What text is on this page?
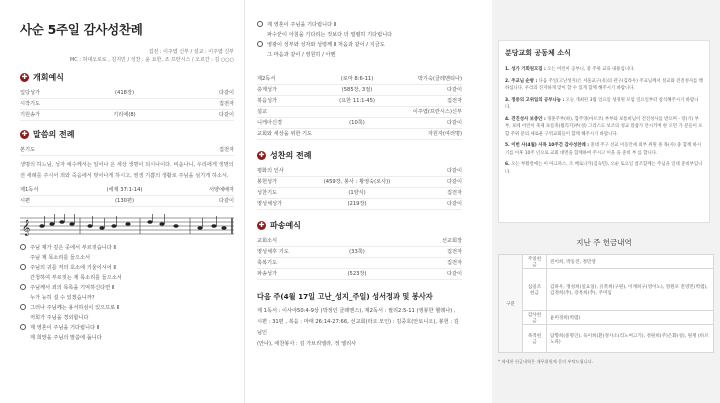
사순 5주일 감사성찬례
집전 : 이주엽 신부 / 설교 : 이주엽 신부
MC : 허대오로로 , 김지민 / 성찬 : 윤 요한, 조 프란시스 / 오르간 : 김 ○○○
✚ 개회예식
입당성가	(418장)	다같이
시작기도	집전자
기원송가	기리에(8)	다같이
✚ 말씀의 전례
본기도	집전자
생명의 하느님, 성자 예수께서는 일어나 온 세상 생명이 되시나이다. 비옵나니, 우리에게 생명의 전 세례를 주시어 죄와 죽음에서 벗어나게 하시고, 영생 기쁨의 생활로 주님을 섬기게 하소서.
제1독서	(에제 37:1-14)	서양예배자
시편	(130편)	다같이
𝄞
주님 제가 깊은 곳에서 부르짖습니다 Ⅱ
주님 제 목소리를 들으소서
주님의 귀를 저의 호소에 기울이시어 Ⅱ
간청하여 부르짖는 제 목소리를 들으소서
주님께서 죄의 목록을 기억하신다면 Ⅱ
누가 능히 설 수 있겠습니까?
그러나 주님께는 용서하심이 있으므로 Ⅱ
저희가 주님을 경외합니다
제 영혼이 주님을 기다립니다 Ⅱ
제 희망을 주님의 말씀에 둡니다
제 영혼이 주님을 기다립니다 Ⅱ
파수꾼이 아침을 기다리는 것보다 더 열렬히 기다립니다
영광이 성부와 성자와 성령께 Ⅱ 처음과 같이 / 지금도
그 마음과 같이 / 영원히 / 아멘
제2독서	(로마 8:6-11)	박기숙(클레멘티나)
층계성가	(585장, 3절)	다같이
복음성가	(요한 11:1-45)	집전자
설교	이주엽(프란시스)신부
니케아신경	(10쪽)	다같이
교회와 세상을 위한 기도	자원자(여러명)
✚ 성찬의 전례
평화의 인사	다같이
봉헌성가	(459장, 봉사 : 황영숙(로사))	다같이
성찬기도	(1양식)	집전자
영성체성가	(219장)	다같이
✚ 파송예식
교회소식	선교회장
영성체후 기도	(33쪽)	집전자
축복기도	집전자
파송성가	(523장)	다같이
다음 주(4월 17일 고난_성지_주일) 성서정과 및 봉사자
제 1독서 : 이사야50:4-9상 (박정인 클레멘스), 제2독서 : 필리2:5-11 (앵봉한 헬레나) ,
시편 : 31편 , 복음 : 마태 26:14-27:66, 선교회(라오 모인) : 김중호(안토니오), 봉헌 : 김 님인
(안나), 애찬봉사 : 김 가브리엘라, 정 엘리사
분당교회 공동체 소식
1. 성가 기회원모집 : 오는 어린이 공부니, 중 주위 교육 내용입니다.
2. 주교님 순방 : 다음 주일(고난성지)은 서울교구(유)의 관구(김라우) 주교님께서 설교와 견진성사를 행하십니다. 우리의 진지하게 맞이 할 수 있게 함께 해주시기 바랍니다.
3. 정중의 고위일의 공부나눔 : 오늘 개최된 3월 일요일 성경원 모임 일요일부터 참석해주시기 바랍니다.
4. 견진성사 보충안 : 정훈주부(하), 함주영(마르코) 부부와 보통희님이 견진성사를 받으며 - 장(기) 부부, 보테 어린이 축제 보름축(월리지)부(성) 그리스도 보조의 성교 말씀가 안시키며 한 오면 가 분들이 포함 주위 분의 새로운 구역교회들이 함께 해주시기 바랍니다.
5. 이번 사(4월) 사목 10주간 감사성찬례 : 중대 주구 선교 이동안세 외부 위원 몰 목(사) 중 함께 하시기를 이후 10주 년으로 교회 대면을 함께하여 주시고 이웃 을 준비 부 를 합니다.
6. 오는 부활절에는 이 아크파스, 조 베로니카(김숙민), 오순 토요일 참조함께는 주님을 일대 준비부입니다.
지난 주 헌금내역
구분	주일헌금	전이희, 박동진, 정민영
	십일조헌금	김하우, 정성희(일요일), 유복희(구원), 이재희구(영이노), 영원포 전영민(벽뎀), 김정희(추), 강옥희(추), 주미임
	감사헌금	윤미경희(벽뎀)
	목적헌금	담향희(중명인), 육이희(환)정사소(리노여고기), 정원희(주)은화(성), 원재 (바르노파)
* 제세한 헌금내역은 재무위원께 문의 부탁드립니다.
